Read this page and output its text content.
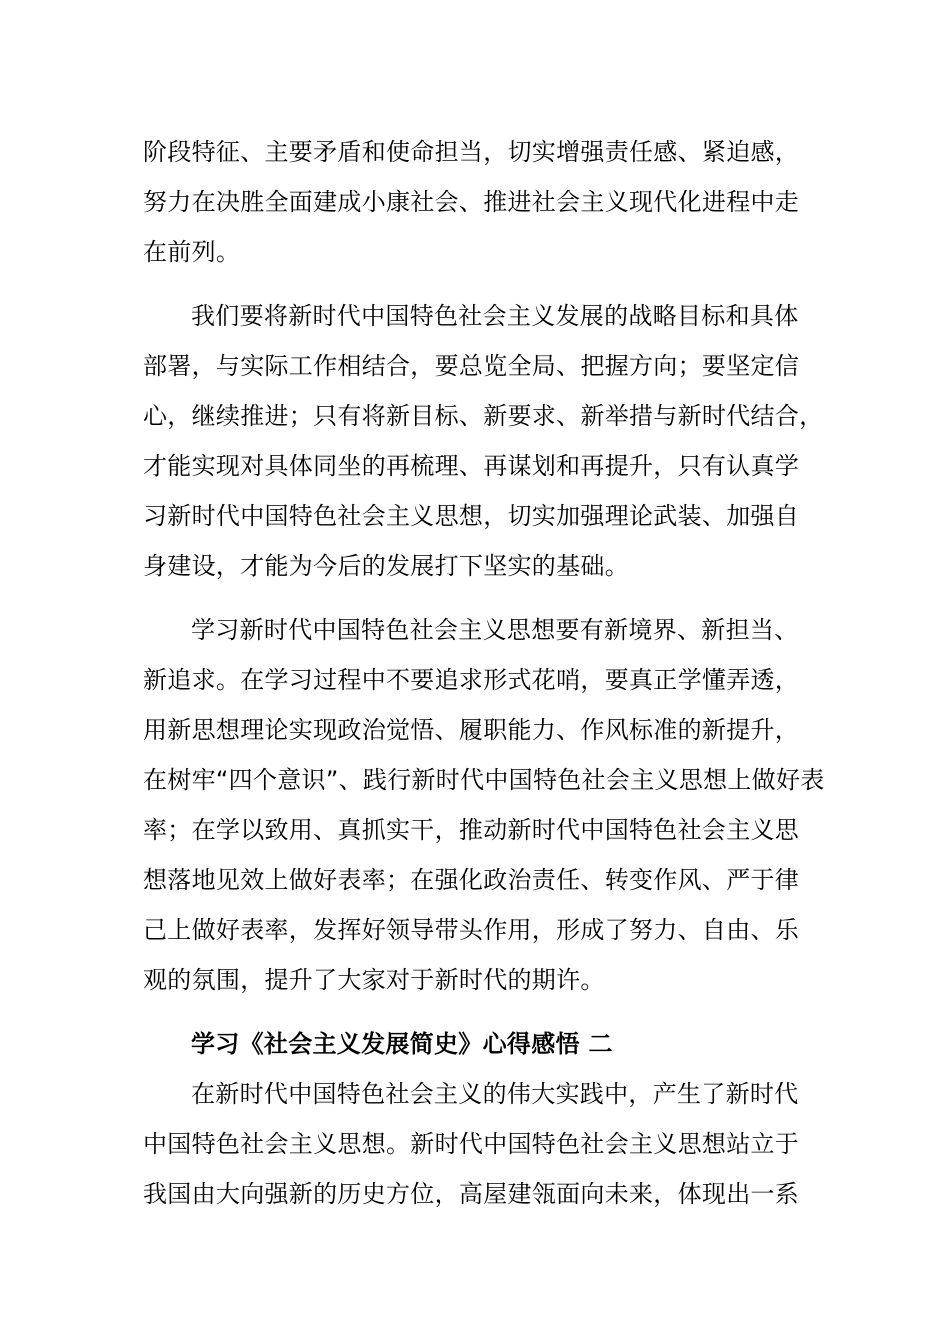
阶段特征、主要矛盾和使命担当，切实增强责任感、紧迫感，
努力在决胜全面建成小康社会、推进社会主义现代化进程中走
在前列。
我们要将新时代中国特色社会主义发展的战略目标和具体
部署，与实际工作相结合，要总览全局、把握方向；要坚定信
心，继续推进；只有将新目标、新要求、新举措与新时代结合，
才能实现对具体同坐的再梳理、再谋划和再提升，只有认真学
习新时代中国特色社会主义思想，切实加强理论武装、加强自
身建设，才能为今后的发展打下坚实的基础。
学习新时代中国特色社会主义思想要有新境界、新担当、
新追求。在学习过程中不要追求形式花哨，要真正学懂弄透，
用新思想理论实现政治觉悟、履职能力、作风标准的新提升，
在树牢“四个意识”、践行新时代中国特色社会主义思想上做好表
率；在学以致用、真抓实干，推动新时代中国特色社会主义思
想落地见效上做好表率；在强化政治责任、转变作风、严于律
己上做好表率，发挥好领导带头作用，形成了努力、自由、乐
观的氛围，提升了大家对于新时代的期许。
学习《社会主义发展简史》心得感悟 二
在新时代中国特色社会主义的伟大实践中，产生了新时代
中国特色社会主义思想。新时代中国特色社会主义思想站立于
我国由大向强新的历史方位，高屋建瓴面向未来，体现出一系
